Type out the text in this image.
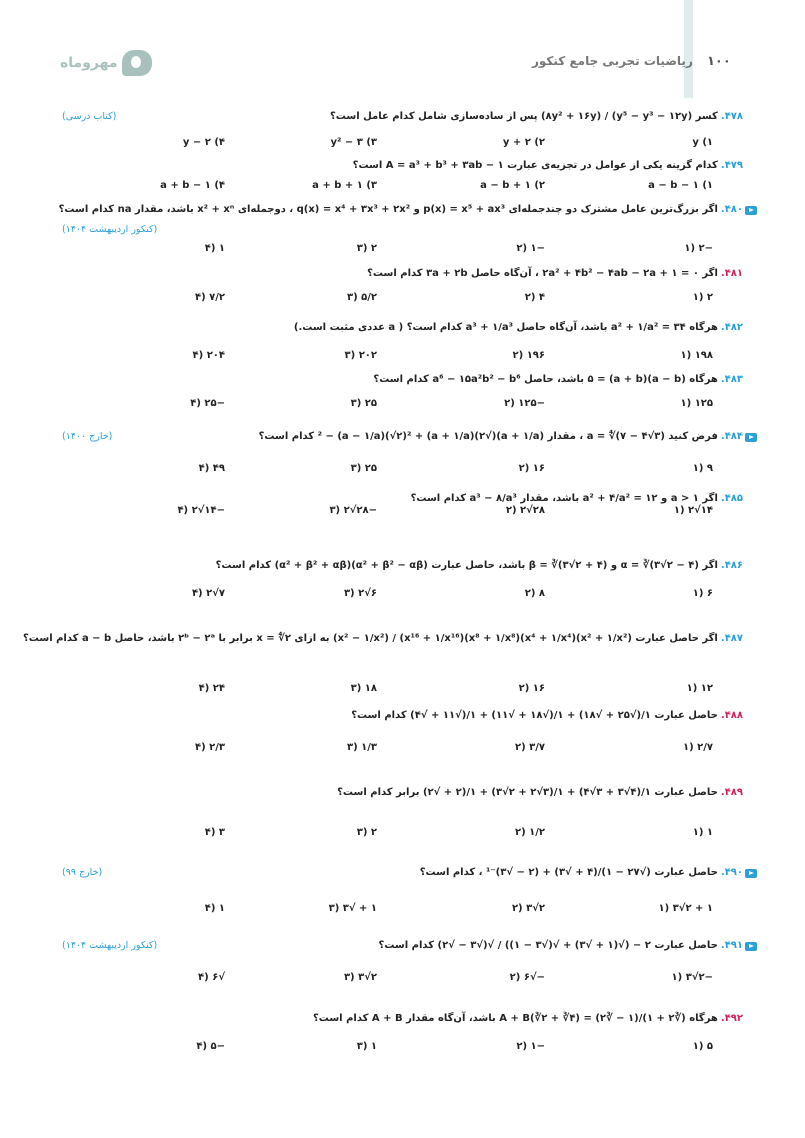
ریاضیات تجربی جامع کنکور ۱۰۰
مهروماه
۴۷۸.کسر (y⁵ − y³ − ۱۲y) / (۸y² + ۱۶y) پس از ساده‌سازی شامل کدام عامل است؟
(کتاب درسی)
y (۱
y + ۲ (۲
y² − ۳ (۳
y − ۲ (۴
۴۷۹.کدام گزینه یکی از عوامل در تجزیه‌ی عبارت A = a³ + b³ + ۳ab − ۱ است؟
a − b − ۱ (۱
a − b + ۱ (۲
a + b + ۱ (۳
a + b − ۱ (۴
۴۸۰.اگر بزرگ‌ترین عامل مشترک دو چندجمله‌ای p(x) = x⁵ + ax³ و q(x) = x⁴ + ۳x³ + ۲x² ، دوجمله‌ای x² + xⁿ باشد، مقدار na کدام است؟
(کنکور اردیبهشت ۱۴۰۴)
−۲ (۱
−۱ (۲
۲ (۳
۱ (۴
۴۸۱.اگر ۲a² + ۴b² − ۴ab − ۲a + ۱ = ۰ ، آن‌گاه حاصل ۳a + ۲b کدام است؟
۲ (۱
۴ (۲
۵/۲ (۳
۷/۲ (۴
۴۸۲.هرگاه a² + ۱/a² = ۳۴ باشد، آن‌گاه حاصل a³ + ۱/a³ کدام است؟ ( a عددی مثبت است.)
۱۹۸ (۱
۱۹۶ (۲
۲۰۲ (۳
۲۰۴ (۴
۴۸۳.هرگاه (a − b)(a + b) = ۵ باشد، حاصل a⁶ − ۱۵a²b² − b⁶ کدام است؟
۱۲۵ (۱
−۱۲۵ (۲
۲۵ (۳
−۲۵ (۴
۴۸۴.فرض کنید a = ∜(۷ − ۴√۳) ، مقدار (a + ۱/a)(√۲)² − (a − ۱/a)(√۲)² + (a + ۱/a) کدام است؟
(خارج ۱۴۰۰)
۹ (۱
۱۶ (۲
۲۵ (۳
۴۹ (۴
۴۸۵.اگر a > ۱ و a² + ۴/a² = ۱۲ باشد، مقدار a³ − ۸/a³ کدام است؟
۱۴√۲ (۱
۲۸√۲ (۲
−۲۸√۲ (۳
−۱۴√۲ (۴
۴۸۶.اگر α = ∛(۳√۲ − ۴) و β = ∛(۳√۲ + ۴) باشد، حاصل عبارت (α² + β² − αβ)(α² + β² + αβ) کدام است؟
۶ (۱
۸ (۲
۶√۲ (۳
۷√۲ (۴
۴۸۷.اگر حاصل عبارت (x² + ۱/x²)(x⁴ + ۱/x⁴)(x⁸ + ۱/x⁸)(x¹⁶ + ۱/x¹⁶) / (x² − ۱/x²) به ازای x = ∜۲ برابر با ۲ᵇ − ۲ᵃ باشد، حاصل a − b کدام است؟
۱۲ (۱
۱۶ (۲
۱۸ (۳
۲۴ (۴
۴۸۸.حاصل عبارت ۱/(√۲۵ + √۱۸) + ۱/(√۱۸ + √۱۱) + ۱/(√۱۱ + √۴) کدام است؟
۲/۷ (۱
۳/۷ (۲
۱/۳ (۳
۲/۳ (۴
۴۸۹.حاصل عبارت ۱/(۴√۳ + ۳√۴) + ۱/(۳√۲ + ۲√۳) + ۱/(۲ + √۲) برابر کدام است؟
۱ (۱
۱/۲ (۲
۲ (۳
۳ (۴
۴۹۰.حاصل عبارت (√۲۷ − ۱)/(۴ + √۳) + (۲ − √۳)⁻¹ ، کدام است؟
(خارج ۹۹)
۱ + ۲√۳ (۱
۲√۳ (۲
۱ + √۳ (۳
۱ (۴
۴۹۱.حاصل عبارت ۲ − (√(۱ + √۳) + √(√۳ − ۱)) / √(√۳ − √۲) کدام است؟
(کنکور اردیبهشت ۱۴۰۴)
−۲√۳ (۱
−√۶ (۲
۲√۳ (۳
√۶ (۴
۴۹۲.هرگاه (∛۲ + ۱)/(۱ − ∛۲) = A + B(∛۲ + ∛۴) باشد، آن‌گاه مقدار A + B کدام است؟
۵ (۱
−۱ (۲
۱ (۳
−۵ (۴
